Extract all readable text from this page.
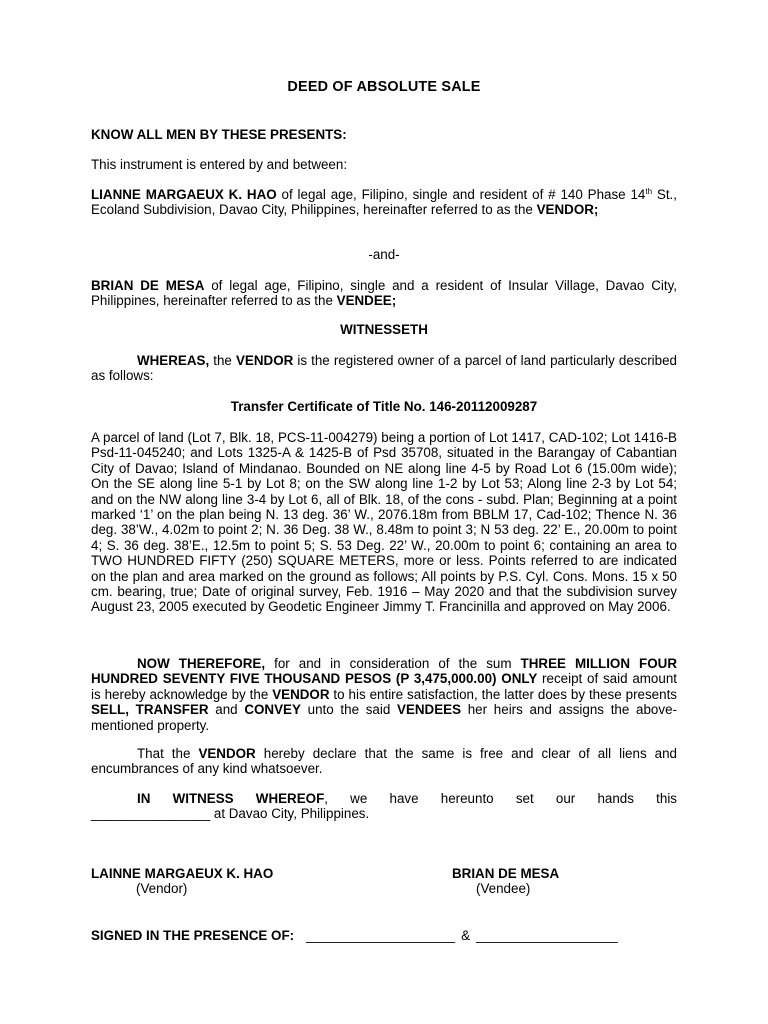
DEED OF ABSOLUTE SALE
KNOW ALL MEN BY THESE PRESENTS:
This instrument is entered by and between:
LIANNE MARGAEUX K. HAO of legal age, Filipino, single and resident of # 140 Phase 14th St., Ecoland Subdivision, Davao City, Philippines, hereinafter referred to as the VENDOR;
-and-
BRIAN DE MESA of legal age, Filipino, single and a resident of Insular Village, Davao City, Philippines, hereinafter referred to as the VENDEE;
WITNESSETH
WHEREAS, the VENDOR is the registered owner of a parcel of land particularly described as follows:
Transfer Certificate of Title No. 146-20112009287
A parcel of land (Lot 7, Blk. 18, PCS-11-004279) being a portion of Lot 1417, CAD-102; Lot 1416-B Psd-11-045240; and Lots 1325-A & 1425-B of Psd 35708, situated in the Barangay of Cabantian City of Davao; Island of Mindanao. Bounded on NE along line 4-5 by Road Lot 6 (15.00m wide); On the SE along line 5-1 by Lot 8; on the SW along line 1-2 by Lot 53; Along line 2-3 by Lot 54; and on the NW along line 3-4 by Lot 6, all of Blk. 18, of the cons - subd. Plan; Beginning at a point marked ‘1’ on the plan being N. 13 deg. 36’ W., 2076.18m from BBLM 17, Cad-102; Thence N. 36 deg. 38’W., 4.02m to point 2; N. 36 Deg. 38 W., 8.48m to point 3; N 53 deg. 22’ E., 20.00m to point 4; S. 36 deg. 38’E., 12.5m to point 5; S. 53 Deg. 22’ W., 20.00m to point 6; containing an area to TWO HUNDRED FIFTY (250) SQUARE METERS, more or less. Points referred to are indicated on the plan and area marked on the ground as follows; All points by P.S. Cyl. Cons. Mons. 15 x 50 cm. bearing, true; Date of original survey, Feb. 1916 – May 2020 and that the subdivision survey August 23, 2005 executed by Geodetic Engineer Jimmy T. Francinilla and approved on May 2006.
NOW THEREFORE, for and in consideration of the sum THREE MILLION FOUR HUNDRED SEVENTY FIVE THOUSAND PESOS (P 3,475,000.00) ONLY receipt of said amount is hereby acknowledge by the VENDOR to his entire satisfaction, the latter does by these presents SELL, TRANSFER and CONVEY unto the said VENDEES her heirs and assigns the above-mentioned property.
That the VENDOR hereby declare that the same is free and clear of all liens and encumbrances of any kind whatsoever.
IN WITNESS WHEREOF, we have hereunto set our hands this
________________ at Davao City, Philippines.
LAINNE MARGAEUX K. HAO
(Vendor)
BRIAN DE MESA
(Vendee)
SIGNED IN THE PRESENCE OF: ____________________ & ___________________
